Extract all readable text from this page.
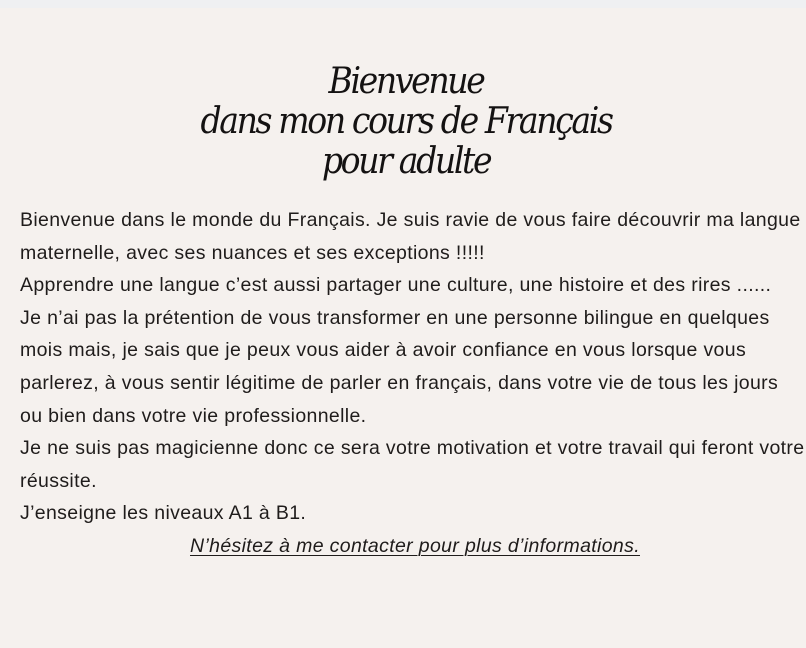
Bienvenue
dans mon cours de Français
pour adulte

Bienvenue dans le monde du Français. Je suis ravie de vous faire découvrir ma langue maternelle, avec ses nuances et ses exceptions !!!!!

Apprendre une langue c’est aussi partager une culture, une histoire et des rires ......

Je n’ai pas la prétention de vous transformer en une personne bilingue en quelques mois mais, je sais que je peux vous aider à avoir confiance en vous lorsque vous parlerez, à vous sentir légitime de parler en français, dans votre vie de tous les jours ou bien dans votre vie professionnelle.

Je ne suis pas magicienne donc ce sera votre motivation et votre travail qui feront votre réussite.

J’enseigne les niveaux A1 à B1.

N’hésitez à me contacter pour plus d’informations.
